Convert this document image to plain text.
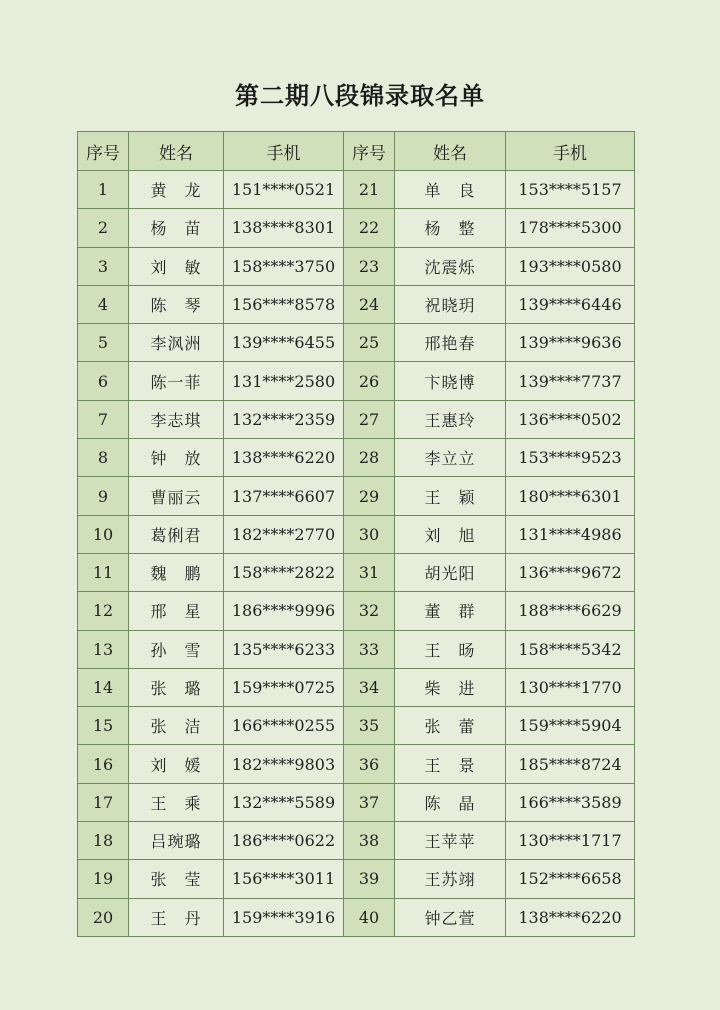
第二期八段锦录取名单
序号	姓名	手机	序号	姓名	手机
1	黄　龙	151****0521	21	单　良	153****5157
2	杨　苗	138****8301	22	杨　整	178****5300
3	刘　敏	158****3750	23	沈震烁	193****0580
4	陈　琴	156****8578	24	祝晓玥	139****6446
5	李沨洲	139****6455	25	邢艳春	139****9636
6	陈一菲	131****2580	26	卞晓博	139****7737
7	李志琪	132****2359	27	王惠玲	136****0502
8	钟　放	138****6220	28	李立立	153****9523
9	曹丽云	137****6607	29	王　颖	180****6301
10	葛俐君	182****2770	30	刘　旭	131****4986
11	魏　鹏	158****2822	31	胡光阳	136****9672
12	邢　星	186****9996	32	董　群	188****6629
13	孙　雪	135****6233	33	王　旸	158****5342
14	张　璐	159****0725	34	柴　进	130****1770
15	张　洁	166****0255	35	张　蕾	159****5904
16	刘　媛	182****9803	36	王　景	185****8724
17	王　乘	132****5589	37	陈　晶	166****3589
18	吕琬璐	186****0622	38	王苹苹	130****1717
19	张　莹	156****3011	39	王苏翊	152****6658
20	王　丹	159****3916	40	钟乙萱	138****6220
